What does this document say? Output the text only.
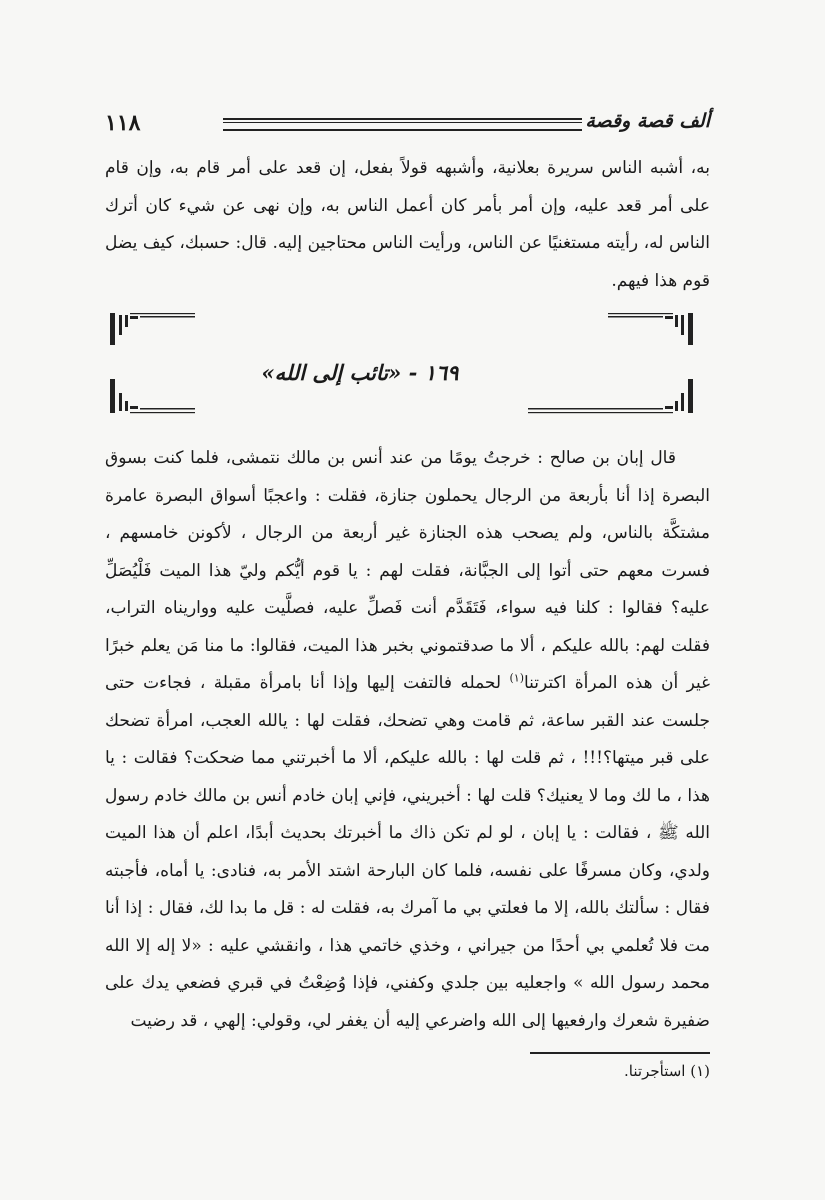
١١٨	ألف قصة وقصة

به، أشبه الناس سريرة بعلانية، وأشبهه قولاً بفعل، إن قعد على أمر قام به، وإن قام على أمر قعد عليه، وإن أمر بأمر كان أعمل الناس به، وإن نهى عن شيء كان أترك الناس له، رأيته مستغنيًا عن الناس، ورأيت الناس محتاجين إليه. قال: حسبك، كيف يضل قوم هذا فيهم.

١٦٩ - «تائب إلى الله»

قال إبان بن صالح : خرجتُ يومًا من عند أنس بن مالك نتمشى، فلما كنت بسوق البصرة إذا أنا بأربعة من الرجال يحملون جنازة، فقلت : واعجبًا أسواق البصرة عامرة مشتكَّة بالناس، ولم يصحب هذه الجنازة غير أربعة من الرجال ، لأكونن خامسهم ، فسرت معهم حتى أتوا إلى الجبَّانة، فقلت لهم : يا قوم أيُّكم وليّ هذا الميت فَلْيُصَلِّ عليه؟ فقالوا : كلنا فيه سواء، فَتَقَدَّم أنت فَصلِّ عليه، فصلَّيت عليه وواريناه التراب، فقلت لهم: بالله عليكم ، ألا ما صدقتموني بخبر هذا الميت، فقالوا: ما منا مَن يعلم خبرًا غير أن هذه المرأة اكترتنا$^{(١)}$ لحمله فالتفت إليها وإذا أنا بامرأة مقبلة ، فجاءت حتى جلست عند القبر ساعة، ثم قامت وهي تضحك، فقلت لها : يالله العجب، امرأة تضحك على قبر ميتها؟!!! ، ثم قلت لها : بالله عليكم، ألا ما أخبرتني مما ضحكت؟ فقالت : يا هذا ، ما لك وما لا يعنيك؟ قلت لها : أخبريني، فإني إبان خادم أنس بن مالك خادم رسول الله ﷺ ، فقالت : يا إبان ، لو لم تكن ذاك ما أخبرتك بحديث أبدًا، اعلم أن هذا الميت ولدي، وكان مسرفًا على نفسه، فلما كان البارحة اشتد الأمر به، فنادى: يا أماه، فأجبته فقال : سألتك بالله، إلا ما فعلتي بي ما آمرك به، فقلت له : قل ما بدا لك، فقال : إذا أنا مت فلا تُعلمي بي أحدًا من جيراني ، وخذي خاتمي هذا ، وانقشي عليه : «لا إله إلا الله محمد رسول الله » واجعليه بين جلدي وكفني، فإذا وُضِعْتُ في قبري فضعي يدك على ضفيرة شعرك وارفعيها إلى الله واضرعي إليه أن يغفر لي، وقولي: إلهي ، قد رضيت

(١) استأجرتنا.
